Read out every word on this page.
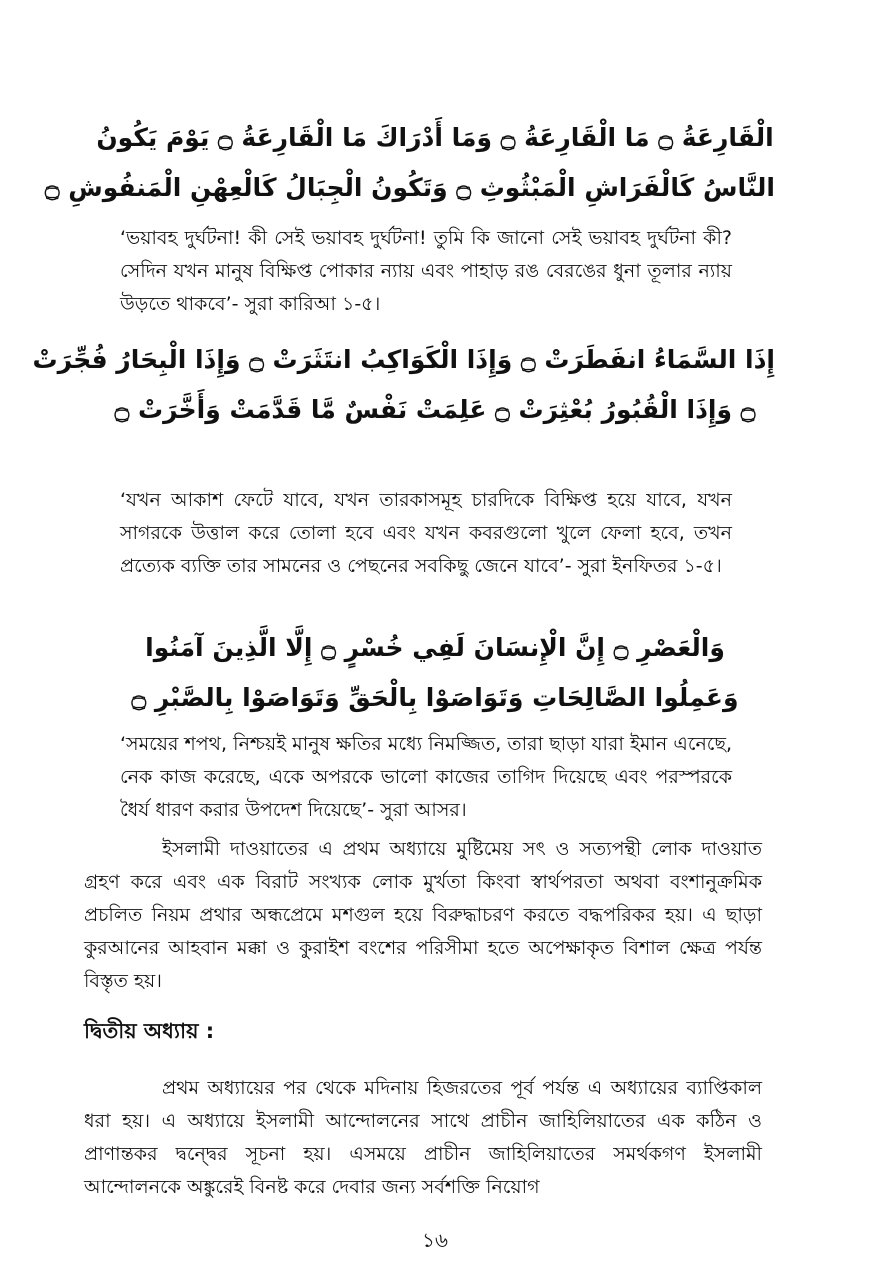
الْقَارِعَةُ ۝ مَا الْقَارِعَةُ ۝ وَمَا أَدْرَاكَ مَا الْقَارِعَةُ ۝ يَوْمَ يَكُونُ

النَّاسُ كَالْفَرَاشِ الْمَبْثُوثِ ۝ وَتَكُونُ الْجِبَالُ كَالْعِهْنِ الْمَنفُوشِ ۝

‘ভয়াবহ দুর্ঘটনা! কী সেই ভয়াবহ দুর্ঘটনা! তুমি কি জানো সেই ভয়াবহ দুর্ঘটনা কী? সেদিন যখন মানুষ বিক্ষিপ্ত পোকার ন্যায় এবং পাহাড় রঙ বেরঙের ধুনা তূলার ন্যায় উড়তে থাকবে’- সুরা কারিআ ১-৫।

إِذَا السَّمَاءُ انفَطَرَتْ ۝ وَإِذَا الْكَوَاكِبُ انتَثَرَتْ ۝ وَإِذَا الْبِحَارُ فُجِّرَتْ

۝ وَإِذَا الْقُبُورُ بُعْثِرَتْ ۝ عَلِمَتْ نَفْسٌ مَّا قَدَّمَتْ وَأَخَّرَتْ ۝

‘যখন আকাশ ফেটে যাবে, যখন তারকাসমূহ চারদিকে বিক্ষিপ্ত হয়ে যাবে, যখন সাগরকে উত্তাল করে তোলা হবে এবং যখন কবরগুলো খুলে ফেলা হবে, তখন প্রত্যেক ব্যক্তি তার সামনের ও পেছনের সবকিছু জেনে যাবে’- সুরা ইনফিতর ১-৫।

وَالْعَصْرِ ۝ إِنَّ الْإِنسَانَ لَفِي خُسْرٍ ۝ إِلَّا الَّذِينَ آمَنُوا

وَعَمِلُوا الصَّالِحَاتِ وَتَوَاصَوْا بِالْحَقِّ وَتَوَاصَوْا بِالصَّبْرِ ۝

‘সময়ের শপথ, নিশ্চয়ই মানুষ ক্ষতির মধ্যে নিমজ্জিত, তারা ছাড়া যারা ইমান এনেছে, নেক কাজ করেছে, একে অপরকে ভালো কাজের তাগিদ দিয়েছে এবং পরস্পরকে ধৈর্য ধারণ করার উপদেশ দিয়েছে’- সুরা আসর।

ইসলামী দাওয়াতের এ প্রথম অধ্যায়ে মুষ্টিমেয় সৎ ও সত্যপন্থী লোক দাওয়াত গ্রহণ করে এবং এক বিরাট সংখ্যক লোক মুর্খতা কিংবা স্বার্থপরতা অথবা বংশানুক্রমিক প্রচলিত নিয়ম প্রথার অন্ধপ্রেমে মশগুল হয়ে বিরুদ্ধাচরণ করতে বদ্ধপরিকর হয়। এ ছাড়া কুরআনের আহবান মক্কা ও কুরাইশ বংশের পরিসীমা হতে অপেক্ষাকৃত বিশাল ক্ষেত্র পর্যন্ত বিস্তৃত হয়।

দ্বিতীয় অধ্যায় :

প্রথম অধ্যায়ের পর থেকে মদিনায় হিজরতের পূর্ব পর্যন্ত এ অধ্যায়ের ব্যাপ্তিকাল ধরা হয়। এ অধ্যায়ে ইসলামী আন্দোলনের সাথে প্রাচীন জাহিলিয়াতের এক কঠিন ও প্রাণান্তকর দ্বন্দ্বের সূচনা হয়। এসময়ে প্রাচীন জাহিলিয়াতের সমর্থকগণ ইসলামী আন্দোলনকে অঙ্কুরেই বিনষ্ট করে দেবার জন্য সর্বশক্তি নিয়োগ

১৬
